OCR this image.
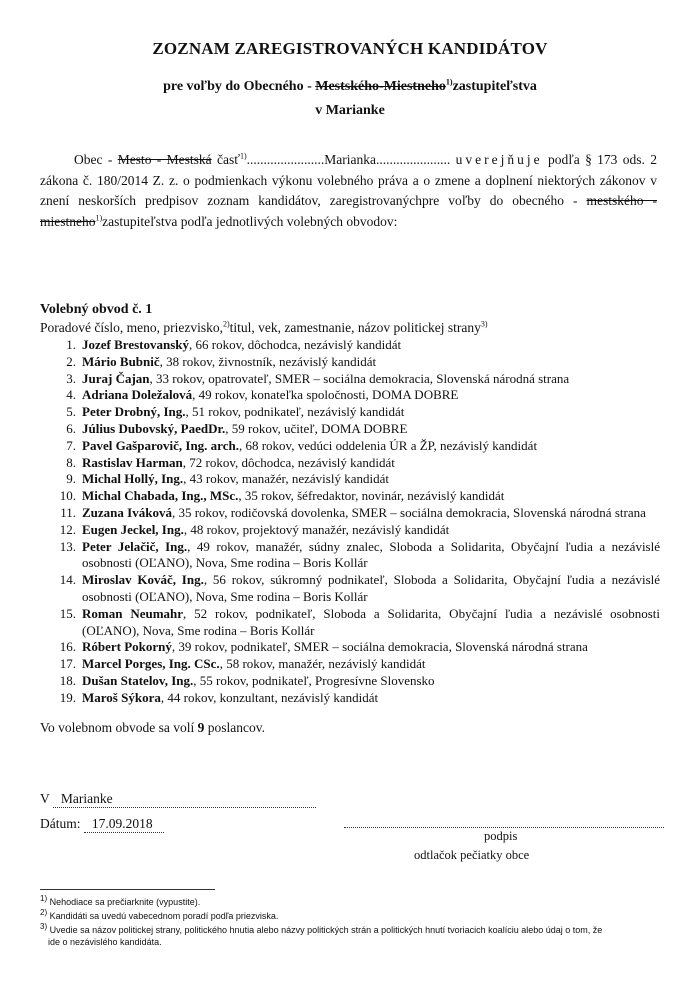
ZOZNAM ZAREGISTROVANÝCH KANDIDÁTOV
pre voľby do Obecného - Mestského-Miestneho$^{1)}$zastupiteľstva
v Marianke
Obec - Mesto - Mestská časť$^{1)}$.......................Marianka...................... uverejňuje podľa § 173 ods. 2 zákona č. 180/2014 Z. z. o podmienkach výkonu volebného práva a o zmene a doplnení niektorých zákonov v znení neskorších predpisov zoznam kandidátov, zaregistrovanýchpre voľby do obecného - mestského - miestneho$^{1)}$zastupiteľstva podľa jednotlivých volebných obvodov:
Volebný obvod č. 1
Poradové číslo, meno, priezvisko,$^{2)}$titul, vek, zamestnanie, názov politickej strany$^{3)}$
1. Jozef Brestovanský, 66 rokov, dôchodca, nezávislý kandidát
2. Mário Bubnič, 38 rokov, živnostník, nezávislý kandidát
3. Juraj Čajan, 33 rokov, opatrovateľ, SMER – sociálna demokracia, Slovenská národná strana
4. Adriana Doležalová, 49 rokov, konateľka spoločnosti, DOMA DOBRE
5. Peter Drobný, Ing., 51 rokov, podnikateľ, nezávislý kandidát
6. Július Dubovský, PaedDr., 59 rokov, učiteľ, DOMA DOBRE
7. Pavel Gašparovič, Ing. arch., 68 rokov, vedúci oddelenia ÚR a ŽP, nezávislý kandidát
8. Rastislav Harman, 72 rokov, dôchodca, nezávislý kandidát
9. Michal Hollý, Ing., 43 rokov, manažér, nezávislý kandidát
10. Michal Chabada, Ing., MSc., 35 rokov, šéfredaktor, novinár, nezávislý kandidát
11. Zuzana Iváková, 35 rokov, rodičovská dovolenka, SMER – sociálna demokracia, Slovenská národná strana
12. Eugen Jeckel, Ing., 48 rokov, projektový manažér, nezávislý kandidát
13. Peter Jelačič, Ing., 49 rokov, manažér, súdny znalec, Sloboda a Solidarita, Obyčajní ľudia a nezávislé osobnosti (OĽANO), Nova, Sme rodina – Boris Kollár
14. Miroslav Kováč, Ing., 56 rokov, súkromný podnikateľ, Sloboda a Solidarita, Obyčajní ľudia a nezávislé osobnosti (OĽANO), Nova, Sme rodina – Boris Kollár
15. Roman Neumahr, 52 rokov, podnikateľ, Sloboda a Solidarita, Obyčajní ľudia a nezávislé osobnosti (OĽANO), Nova, Sme rodina – Boris Kollár
16. Róbert Pokorný, 39 rokov, podnikateľ, SMER – sociálna demokracia, Slovenská národná strana
17. Marcel Porges, Ing. CSc., 58 rokov, manažér, nezávislý kandidát
18. Dušan Statelov, Ing., 55 rokov, podnikateľ, Progresívne Slovensko
19. Maroš Sýkora, 44 rokov, konzultant, nezávislý kandidát
Vo volebnom obvode sa volí 9 poslancov.
V Marianke
Dátum: 17.09.2018
podpis
odtlačok pečiatky obce
$^{1)}$ Nehodiace sa prečiarknite (vypustite).
$^{2)}$ Kandidáti sa uvedú vabecednom poradí podľa priezviska.
$^{3)}$ Uvedie sa názov politickej strany, politického hnutia alebo názvy politických strán a politických hnutí tvoriacich koalíciu alebo údaj o tom, že
ide o nezávislého kandidáta.
